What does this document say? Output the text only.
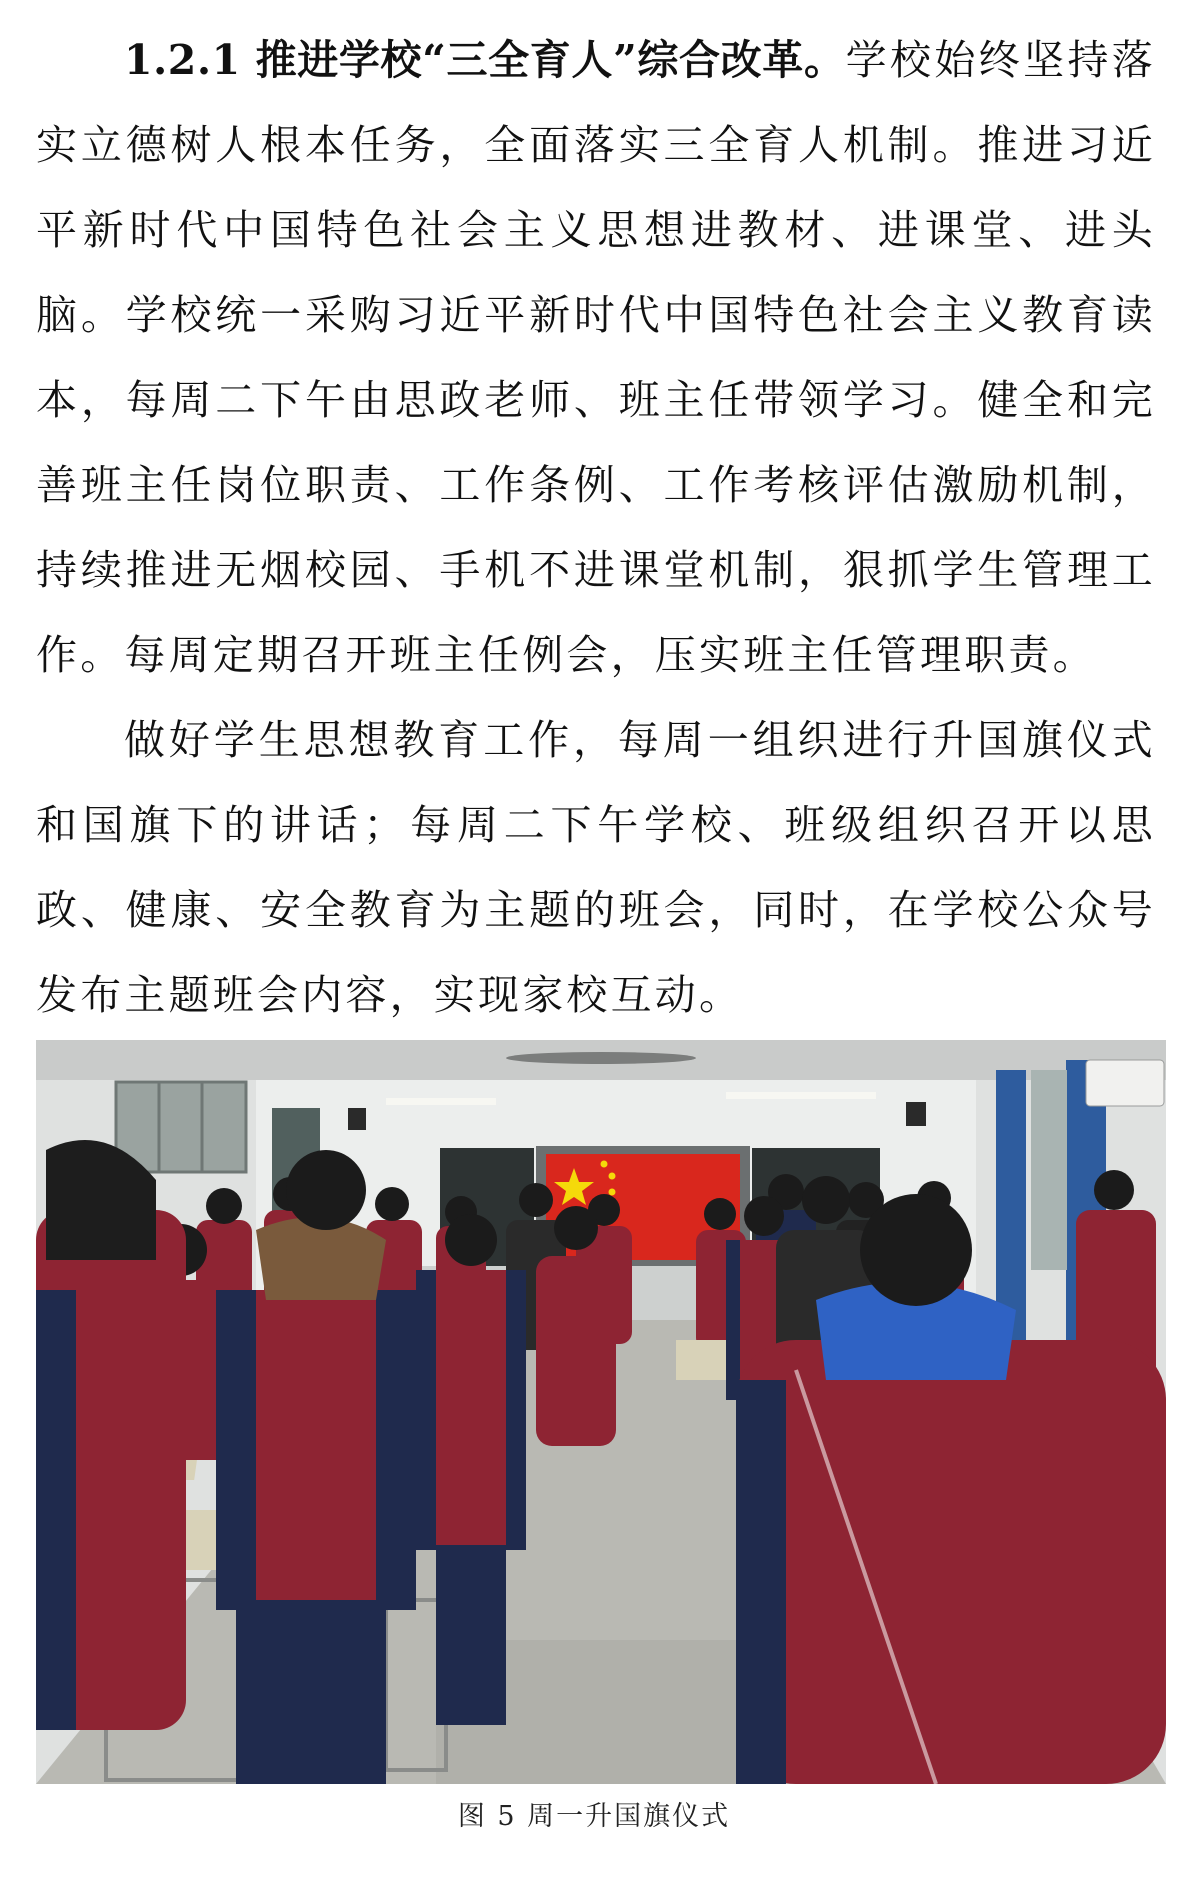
1.2.1 推进学校“三全育人”综合改革。学校始终坚持落实立德树人根本任务，全面落实三全育人机制。推进习近平新时代中国特色社会主义思想进教材、进课堂、进头脑。学校统一采购习近平新时代中国特色社会主义教育读本，每周二下午由思政老师、班主任带领学习。健全和完善班主任岗位职责、工作条例、工作考核评估激励机制，持续推进无烟校园、手机不进课堂机制，狠抓学生管理工作。每周定期召开班主任例会，压实班主任管理职责。

做好学生思想教育工作，每周一组织进行升国旗仪式和国旗下的讲话；每周二下午学校、班级组织召开以思政、健康、安全教育为主题的班会，同时，在学校公众号发布主题班会内容，实现家校互动。

图 5 周一升国旗仪式
